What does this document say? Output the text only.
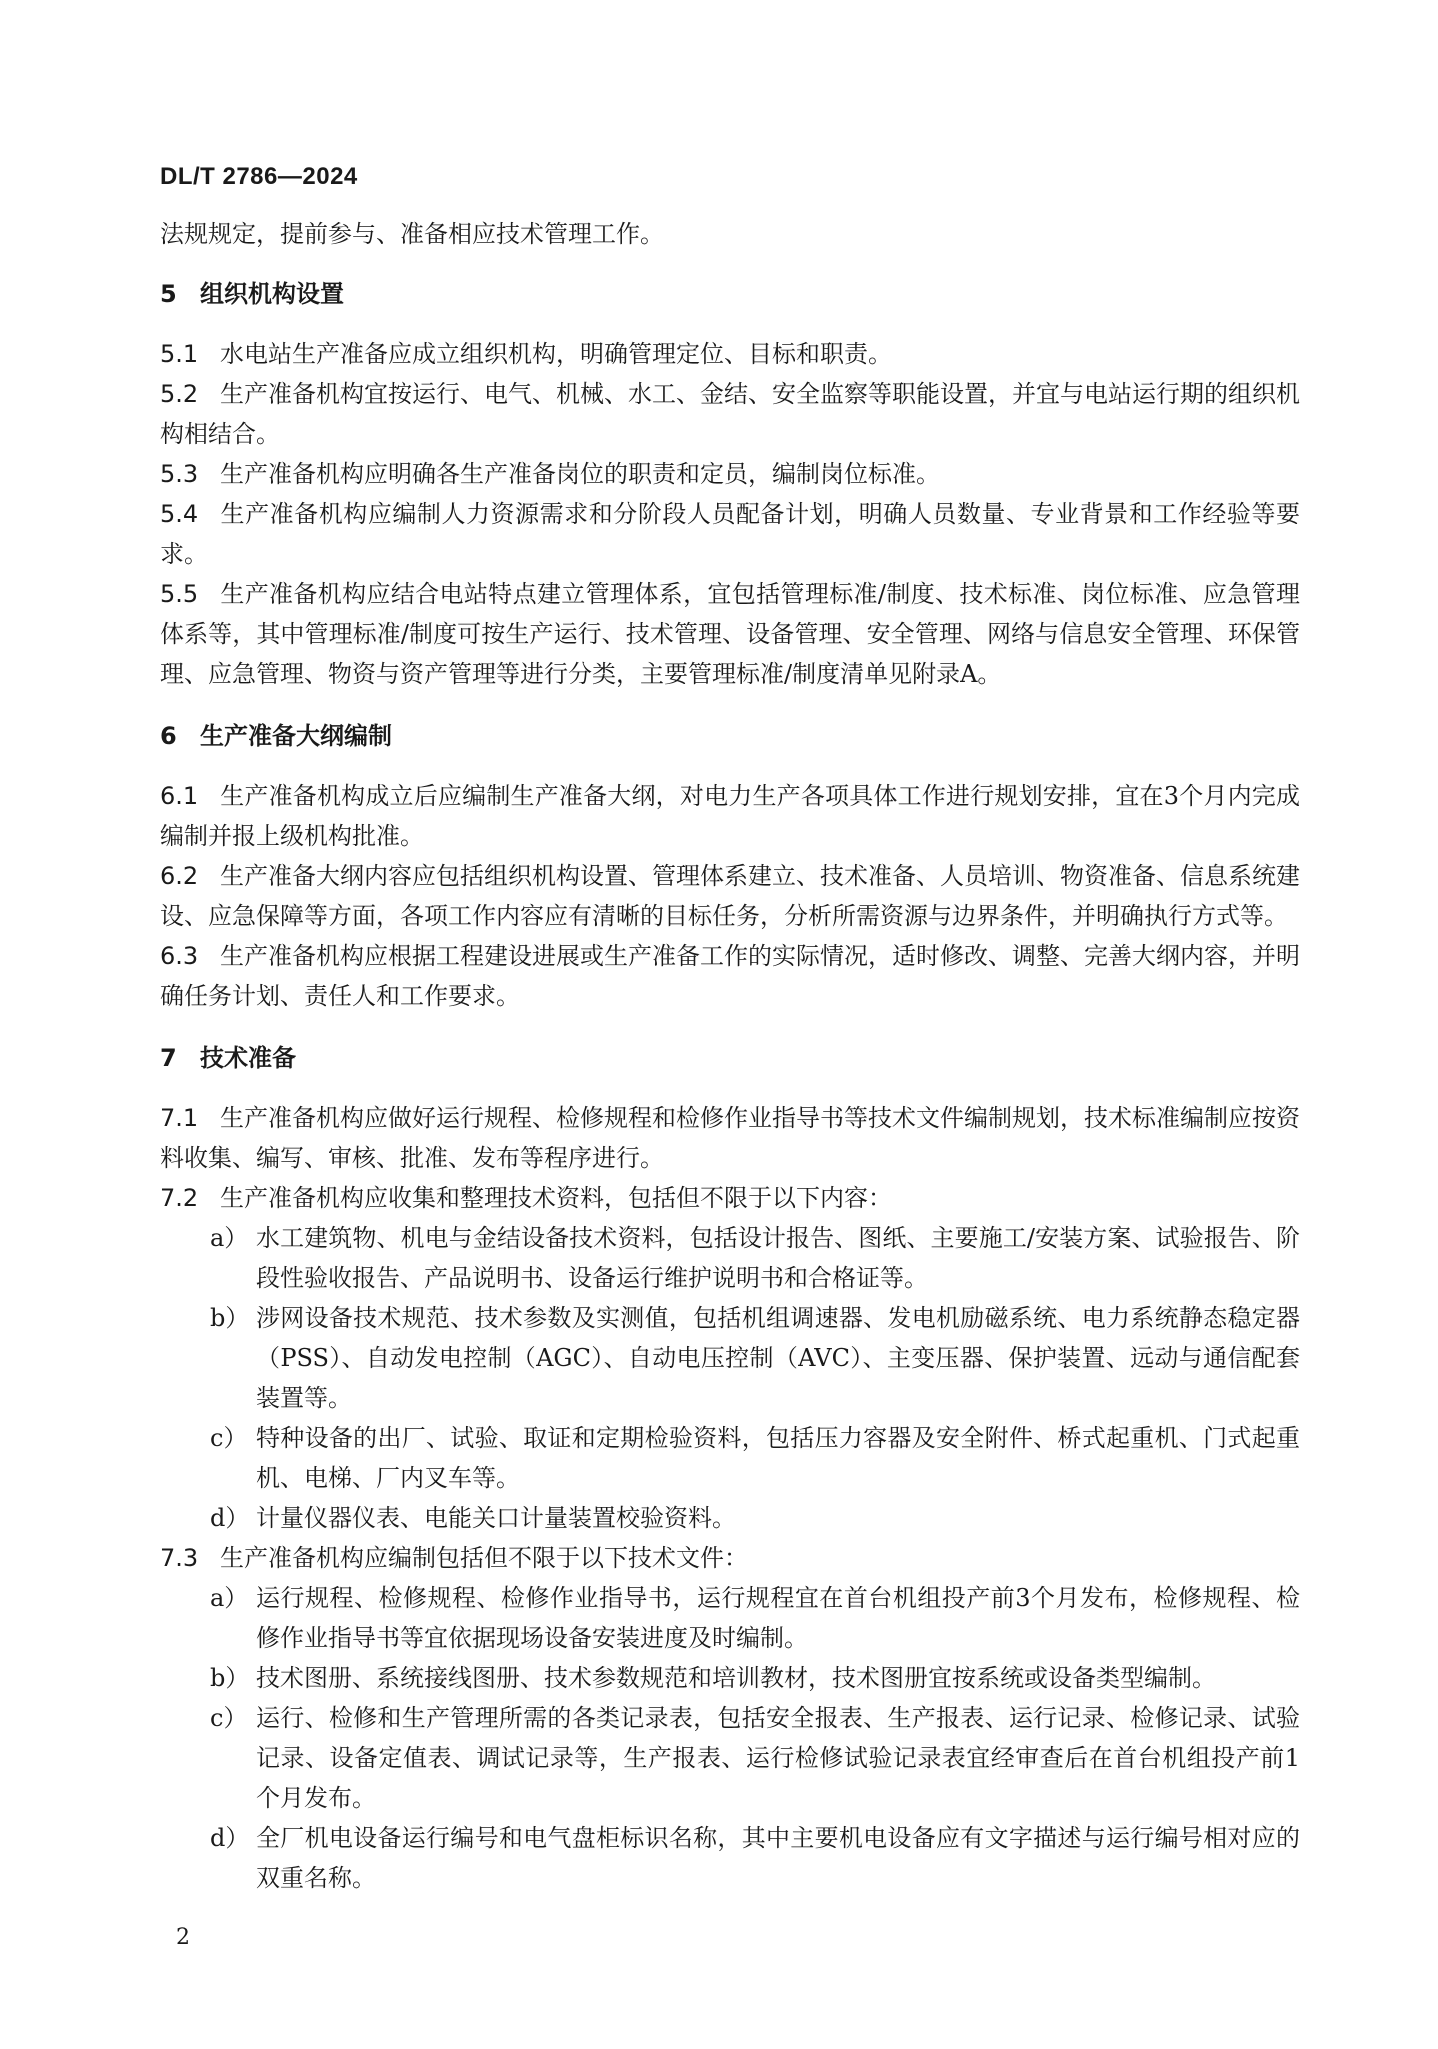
DL/T 2786—2024

法规规定，提前参与、准备相应技术管理工作。

5 组织机构设置

5.1 水电站生产准备应成立组织机构，明确管理定位、目标和职责。

5.2 生产准备机构宜按运行、电气、机械、水工、金结、安全监察等职能设置，并宜与电站运行期的组织机构相结合。

5.3 生产准备机构应明确各生产准备岗位的职责和定员，编制岗位标准。

5.4 生产准备机构应编制人力资源需求和分阶段人员配备计划，明确人员数量、专业背景和工作经验等要求。

5.5 生产准备机构应结合电站特点建立管理体系，宜包括管理标准/制度、技术标准、岗位标准、应急管理体系等，其中管理标准/制度可按生产运行、技术管理、设备管理、安全管理、网络与信息安全管理、环保管理、应急管理、物资与资产管理等进行分类，主要管理标准/制度清单见附录A。

6 生产准备大纲编制

6.1 生产准备机构成立后应编制生产准备大纲，对电力生产各项具体工作进行规划安排，宜在3个月内完成编制并报上级机构批准。

6.2 生产准备大纲内容应包括组织机构设置、管理体系建立、技术准备、人员培训、物资准备、信息系统建设、应急保障等方面，各项工作内容应有清晰的目标任务，分析所需资源与边界条件，并明确执行方式等。

6.3 生产准备机构应根据工程建设进展或生产准备工作的实际情况，适时修改、调整、完善大纲内容，并明确任务计划、责任人和工作要求。

7 技术准备

7.1 生产准备机构应做好运行规程、检修规程和检修作业指导书等技术文件编制规划，技术标准编制应按资料收集、编写、审核、批准、发布等程序进行。

7.2 生产准备机构应收集和整理技术资料，包括但不限于以下内容：

a） 水工建筑物、机电与金结设备技术资料，包括设计报告、图纸、主要施工/安装方案、试验报告、阶段性验收报告、产品说明书、设备运行维护说明书和合格证等。
b） 涉网设备技术规范、技术参数及实测值，包括机组调速器、发电机励磁系统、电力系统静态稳定器（PSS）、自动发电控制（AGC）、自动电压控制（AVC）、主变压器、保护装置、远动与通信配套装置等。
c） 特种设备的出厂、试验、取证和定期检验资料，包括压力容器及安全附件、桥式起重机、门式起重机、电梯、厂内叉车等。
d） 计量仪器仪表、电能关口计量装置校验资料。

7.3 生产准备机构应编制包括但不限于以下技术文件：

a） 运行规程、检修规程、检修作业指导书，运行规程宜在首台机组投产前3个月发布，检修规程、检修作业指导书等宜依据现场设备安装进度及时编制。
b） 技术图册、系统接线图册、技术参数规范和培训教材，技术图册宜按系统或设备类型编制。
c） 运行、检修和生产管理所需的各类记录表，包括安全报表、生产报表、运行记录、检修记录、试验记录、设备定值表、调试记录等，生产报表、运行检修试验记录表宜经审查后在首台机组投产前1个月发布。
d） 全厂机电设备运行编号和电气盘柜标识名称，其中主要机电设备应有文字描述与运行编号相对应的双重名称。
2
